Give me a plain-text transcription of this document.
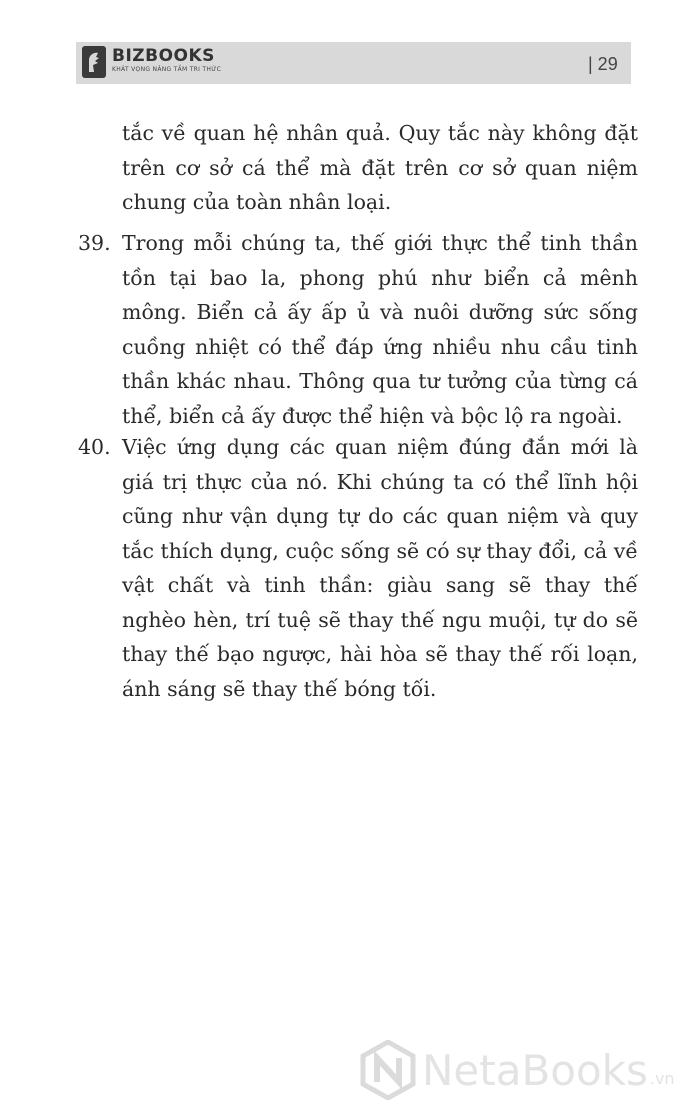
BIZBOOKS
KHÁT VỌNG NÂNG TẦM TRI THỨC	| 29
tắc về quan hệ nhân quả. Quy tắc này không đặt trên cơ sở cá thể mà đặt trên cơ sở quan niệm chung của toàn nhân loại.
39. Trong mỗi chúng ta, thế giới thực thể tinh thần tồn tại bao la, phong phú như biển cả mênh mông. Biển cả ấy ấp ủ và nuôi dưỡng sức sống cuồng nhiệt có thể đáp ứng nhiều nhu cầu tinh thần khác nhau. Thông qua tư tưởng của từng cá thể, biển cả ấy được thể hiện và bộc lộ ra ngoài.
40. Việc ứng dụng các quan niệm đúng đắn mới là giá trị thực của nó. Khi chúng ta có thể lĩnh hội cũng như vận dụng tự do các quan niệm và quy tắc thích dụng, cuộc sống sẽ có sự thay đổi, cả về vật chất và tinh thần: giàu sang sẽ thay thế nghèo hèn, trí tuệ sẽ thay thế ngu muội, tự do sẽ thay thế bạo ngược, hài hòa sẽ thay thế rối loạn, ánh sáng sẽ thay thế bóng tối.
NetaBooks .vn
